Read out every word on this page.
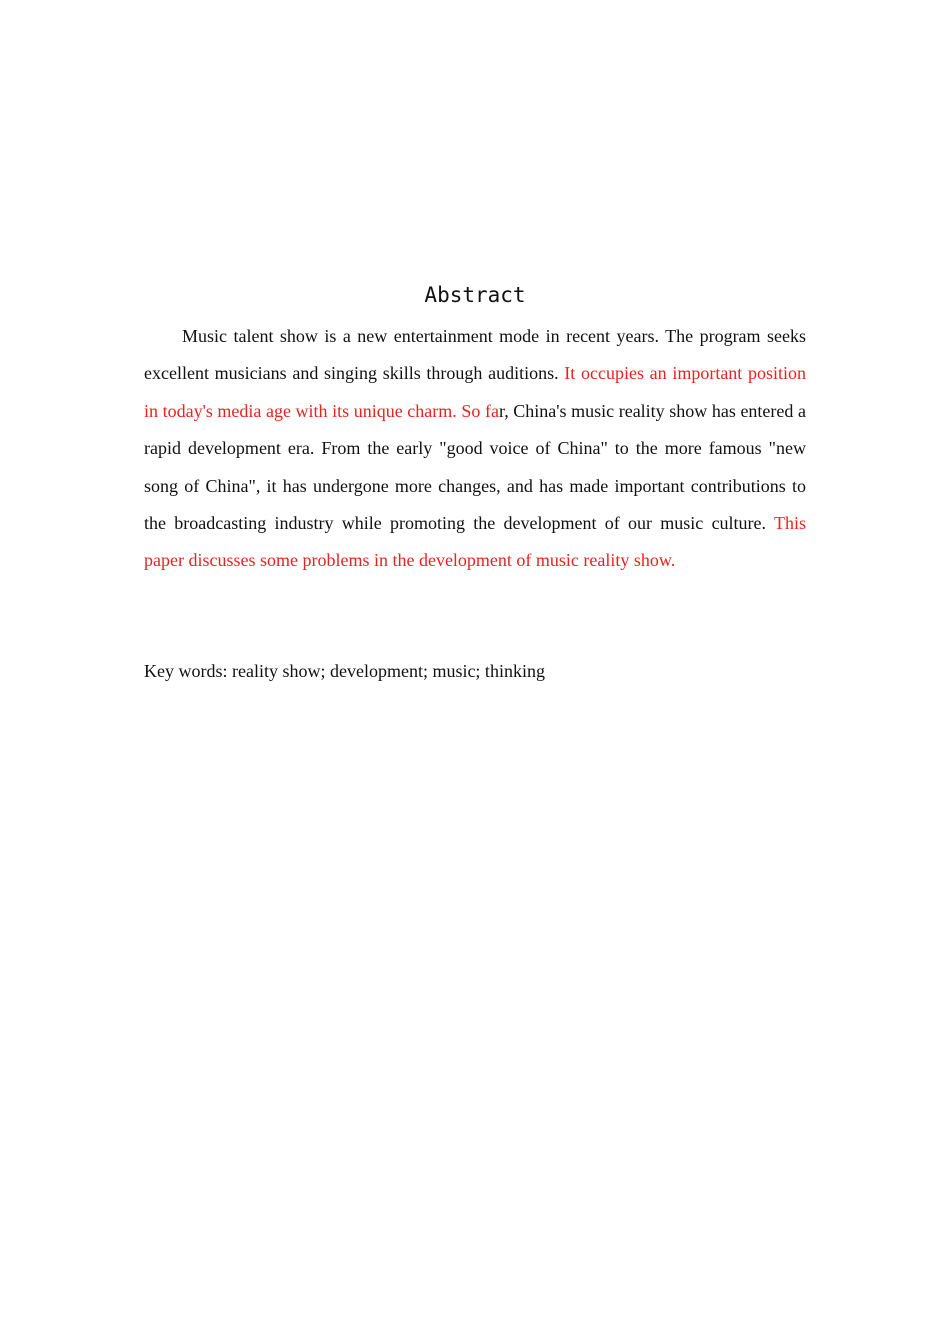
Abstract

Music talent show is a new entertainment mode in recent years. The program seeks excellent musicians and singing skills through auditions. It occupies an important position in today's media age with its unique charm. So far, China's music reality show has entered a rapid development era. From the early "good voice of China" to the more famous "new song of China", it has undergone more changes, and has made important contributions to the broadcasting industry while promoting the development of our music culture. This paper discusses some problems in the development of music reality show.

Key words: reality show; development; music; thinking
